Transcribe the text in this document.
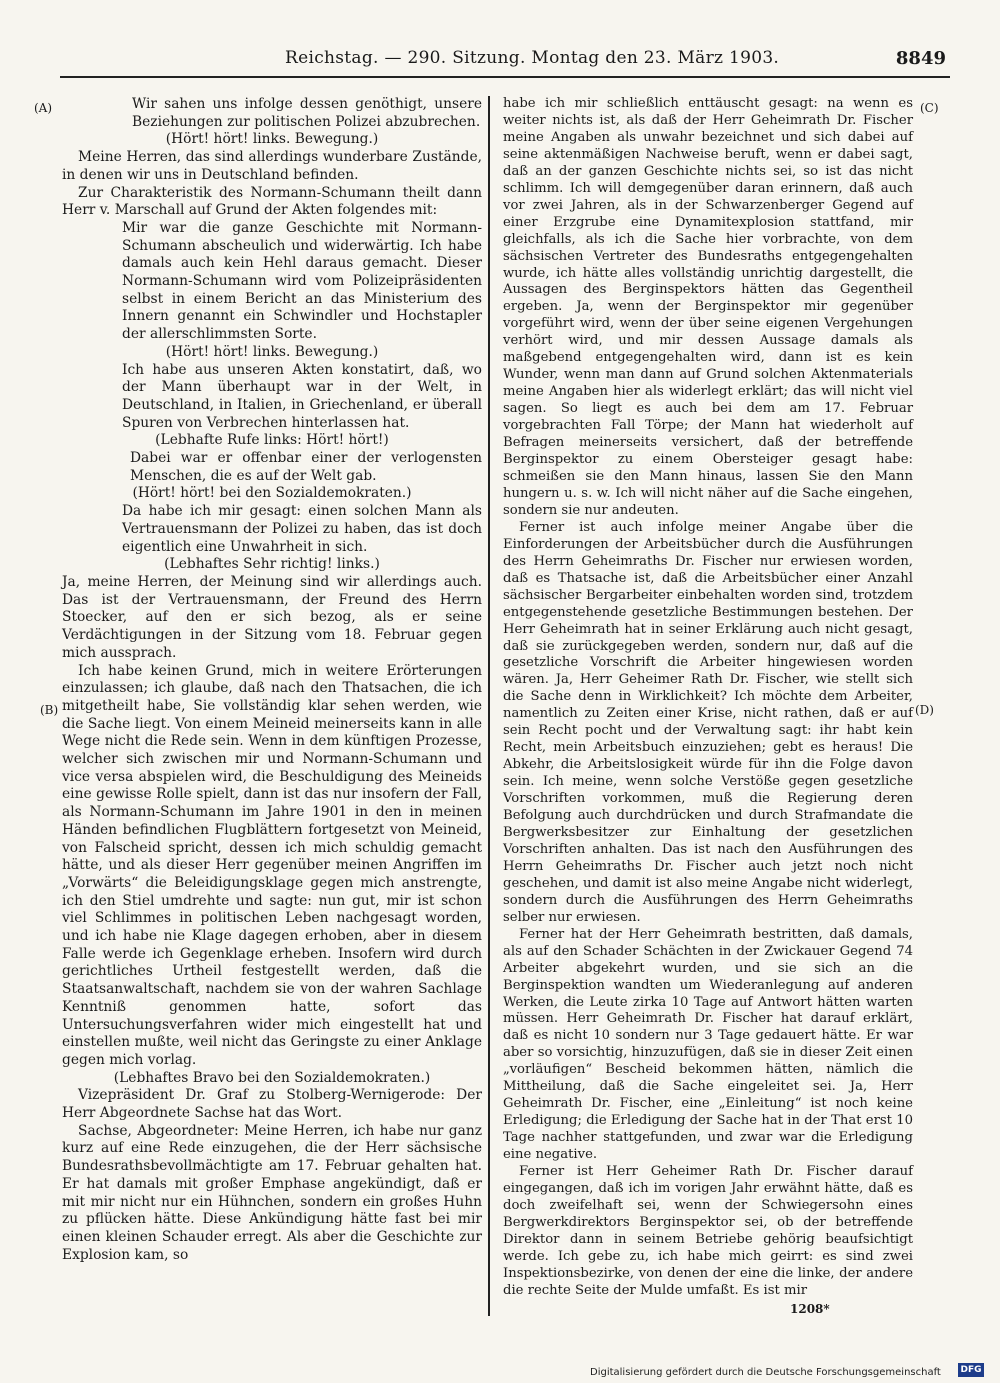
Reichstag. — 290. Sitzung. Montag den 23. März 1903.	8849
(A)
(B)
(C)
(D)

Wir sahen uns infolge dessen genöthigt, unsere Beziehungen zur politischen Polizei abzubrechen.

(Hört! hört! links. Bewegung.)

Meine Herren, das sind allerdings wunderbare Zustände, in denen wir uns in Deutschland befinden.

Zur Charakteristik des Normann-Schumann theilt dann Herr v. Marschall auf Grund der Akten folgendes mit:

Mir war die ganze Geschichte mit Normann-Schumann abscheulich und widerwärtig. Ich habe damals auch kein Hehl daraus gemacht. Dieser Normann-Schumann wird vom Polizeipräsidenten selbst in einem Bericht an das Ministerium des Innern genannt ein Schwindler und Hochstapler der allerschlimmsten Sorte.

(Hört! hört! links. Bewegung.)

Ich habe aus unseren Akten konstatirt, daß, wo der Mann überhaupt war in der Welt, in Deutschland, in Italien, in Griechenland, er überall Spuren von Verbrechen hinterlassen hat.

(Lebhafte Rufe links: Hört! hört!)

Dabei war er offenbar einer der verlogensten Menschen, die es auf der Welt gab.

(Hört! hört! bei den Sozialdemokraten.)

Da habe ich mir gesagt: einen solchen Mann als Vertrauensmann der Polizei zu haben, das ist doch eigentlich eine Unwahrheit in sich.

(Lebhaftes Sehr richtig! links.)

Ja, meine Herren, der Meinung sind wir allerdings auch. Das ist der Vertrauensmann, der Freund des Herrn Stoecker, auf den er sich bezog, als er seine Verdächtigungen in der Sitzung vom 18. Februar gegen mich aussprach.

Ich habe keinen Grund, mich in weitere Erörterungen einzulassen; ich glaube, daß nach den Thatsachen, die ich mitgetheilt habe, Sie vollständig klar sehen werden, wie die Sache liegt. Von einem Meineid meinerseits kann in alle Wege nicht die Rede sein. Wenn in dem künftigen Prozesse, welcher sich zwischen mir und Normann-Schumann und vice versa abspielen wird, die Beschuldigung des Meineids eine gewisse Rolle spielt, dann ist das nur insofern der Fall, als Normann-Schumann im Jahre 1901 in den in meinen Händen befindlichen Flugblättern fortgesetzt von Meineid, von Falscheid spricht, dessen ich mich schuldig gemacht hätte, und als dieser Herr gegenüber meinen Angriffen im „Vorwärts“ die Beleidigungsklage gegen mich anstrengte, ich den Stiel umdrehte und sagte: nun gut, mir ist schon viel Schlimmes in politischen Leben nachgesagt worden, und ich habe nie Klage dagegen erhoben, aber in diesem Falle werde ich Gegenklage erheben. Insofern wird durch gerichtliches Urtheil festgestellt werden, daß die Staatsanwaltschaft, nachdem sie von der wahren Sachlage Kenntniß genommen hatte, sofort das Untersuchungsverfahren wider mich eingestellt hat und einstellen mußte, weil nicht das Geringste zu einer Anklage gegen mich vorlag.

(Lebhaftes Bravo bei den Sozialdemokraten.)

Vizepräsident Dr. Graf zu Stolberg-Wernigerode: Der Herr Abgeordnete Sachse hat das Wort.

Sachse, Abgeordneter: Meine Herren, ich habe nur ganz kurz auf eine Rede einzugehen, die der Herr sächsische Bundesrathsbevollmächtigte am 17. Februar gehalten hat. Er hat damals mit großer Emphase angekündigt, daß er mit mir nicht nur ein Hühnchen, sondern ein großes Huhn zu pflücken hätte. Diese Ankündigung hätte fast bei mir einen kleinen Schauder erregt. Als aber die Geschichte zur Explosion kam, so

habe ich mir schließlich enttäuscht gesagt: na wenn es weiter nichts ist, als daß der Herr Geheimrath Dr. Fischer meine Angaben als unwahr bezeichnet und sich dabei auf seine aktenmäßigen Nachweise beruft, wenn er dabei sagt, daß an der ganzen Geschichte nichts sei, so ist das nicht schlimm. Ich will demgegenüber daran erinnern, daß auch vor zwei Jahren, als in der Schwarzenberger Gegend auf einer Erzgrube eine Dynamitexplosion stattfand, mir gleichfalls, als ich die Sache hier vorbrachte, von dem sächsischen Vertreter des Bundesraths entgegengehalten wurde, ich hätte alles vollständig unrichtig dargestellt, die Aussagen des Berginspektors hätten das Gegentheil ergeben. Ja, wenn der Berginspektor mir gegenüber vorgeführt wird, wenn der über seine eigenen Vergehungen verhört wird, und mir dessen Aussage damals als maßgebend entgegengehalten wird, dann ist es kein Wunder, wenn man dann auf Grund solchen Aktenmaterials meine Angaben hier als widerlegt erklärt; das will nicht viel sagen. So liegt es auch bei dem am 17. Februar vorgebrachten Fall Törpe; der Mann hat wiederholt auf Befragen meinerseits versichert, daß der betreffende Berginspektor zu einem Obersteiger gesagt habe: schmeißen sie den Mann hinaus, lassen Sie den Mann hungern u. s. w. Ich will nicht näher auf die Sache eingehen, sondern sie nur andeuten.

Ferner ist auch infolge meiner Angabe über die Einforderungen der Arbeitsbücher durch die Ausführungen des Herrn Geheimraths Dr. Fischer nur erwiesen worden, daß es Thatsache ist, daß die Arbeitsbücher einer Anzahl sächsischer Bergarbeiter einbehalten worden sind, trotzdem entgegenstehende gesetzliche Bestimmungen bestehen. Der Herr Geheimrath hat in seiner Erklärung auch nicht gesagt, daß sie zurückgegeben werden, sondern nur, daß auf die gesetzliche Vorschrift die Arbeiter hingewiesen worden wären. Ja, Herr Geheimer Rath Dr. Fischer, wie stellt sich die Sache denn in Wirklichkeit? Ich möchte dem Arbeiter, namentlich zu Zeiten einer Krise, nicht rathen, daß er auf sein Recht pocht und der Verwaltung sagt: ihr habt kein Recht, mein Arbeitsbuch einzuziehen; gebt es heraus! Die Abkehr, die Arbeitslosigkeit würde für ihn die Folge davon sein. Ich meine, wenn solche Verstöße gegen gesetzliche Vorschriften vorkommen, muß die Regierung deren Befolgung auch durchdrücken und durch Strafmandate die Bergwerksbesitzer zur Einhaltung der gesetzlichen Vorschriften anhalten. Das ist nach den Ausführungen des Herrn Geheimraths Dr. Fischer auch jetzt noch nicht geschehen, und damit ist also meine Angabe nicht widerlegt, sondern durch die Ausführungen des Herrn Geheimraths selber nur erwiesen.

Ferner hat der Herr Geheimrath bestritten, daß damals, als auf den Schader Schächten in der Zwickauer Gegend 74 Arbeiter abgekehrt wurden, und sie sich an die Berginspektion wandten um Wiederanlegung auf anderen Werken, die Leute zirka 10 Tage auf Antwort hätten warten müssen. Herr Geheimrath Dr. Fischer hat darauf erklärt, daß es nicht 10 sondern nur 3 Tage gedauert hätte. Er war aber so vorsichtig, hinzuzufügen, daß sie in dieser Zeit einen „vorläufigen“ Bescheid bekommen hätten, nämlich die Mittheilung, daß die Sache eingeleitet sei. Ja, Herr Geheimrath Dr. Fischer, eine „Einleitung“ ist noch keine Erledigung; die Erledigung der Sache hat in der That erst 10 Tage nachher stattgefunden, und zwar war die Erledigung eine negative.

Ferner ist Herr Geheimer Rath Dr. Fischer darauf eingegangen, daß ich im vorigen Jahr erwähnt hätte, daß es doch zweifelhaft sei, wenn der Schwiegersohn eines Bergwerkdirektors Berginspektor sei, ob der betreffende Direktor dann in seinem Betriebe gehörig beaufsichtigt werde. Ich gebe zu, ich habe mich geirrt: es sind zwei Inspektionsbezirke, von denen der eine die linke, der andere die rechte Seite der Mulde umfaßt. Es ist mir

1208*
Digitalisierung gefördert durch die Deutsche Forschungsgemeinschaft DFG
